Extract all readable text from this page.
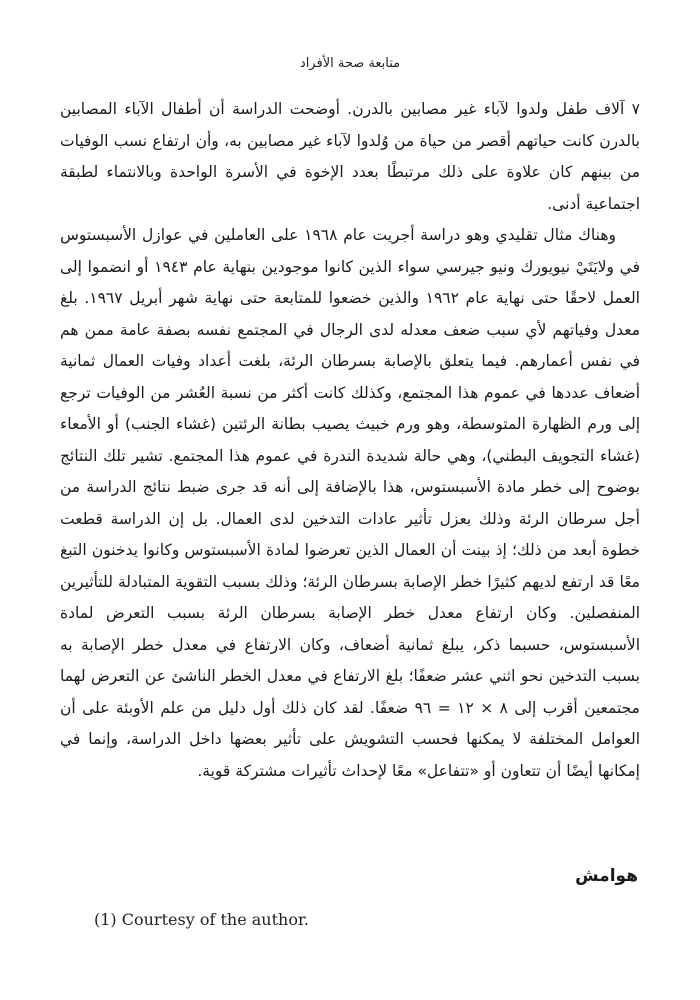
متابعة صحة الأفراد

٧ آلاف طفل ولدوا لآباء غير مصابين بالدرن. أوضحت الدراسة أن أطفال الآباء المصابين بالدرن كانت حياتهم أقصر من حياة من وُلدوا لآباء غير مصابين به، وأن ارتفاع نسب الوفيات من بينهم كان علاوة على ذلك مرتبطًا بعدد الإخوة في الأسرة الواحدة وبالانتماء لطبقة اجتماعية أدنى.

وهناك مثال تقليدي وهو دراسة أجريت عام ١٩٦٨ على العاملين في عوازل الأسبستوس في ولايَتَيْ نيويورك ونيو جيرسي سواء الذين كانوا موجودين بنهاية عام ١٩٤٣ أو انضموا إلى العمل لاحقًا حتى نهاية عام ١٩٦٢ والذين خضعوا للمتابعة حتى نهاية شهر أبريل ١٩٦٧. بلغ معدل وفياتهم لأي سبب ضعف معدله لدى الرجال في المجتمع نفسه بصفة عامة ممن هم في نفس أعمارهم. فيما يتعلق بالإصابة بسرطان الرئة، بلغت أعداد وفيات العمال ثمانية أضعاف عددها في عموم هذا المجتمع، وكذلك كانت أكثر من نسبة العُشر من الوفيات ترجع إلى ورم الظهارة المتوسطة، وهو ورم خبيث يصيب بطانة الرئتين (غشاء الجنب) أو الأمعاء (غشاء التجويف البطني)، وهي حالة شديدة الندرة في عموم هذا المجتمع. تشير تلك النتائج بوضوح إلى خطر مادة الأسبستوس، هذا بالإضافة إلى أنه قد جرى ضبط نتائج الدراسة من أجل سرطان الرئة وذلك بعزل تأثير عادات التدخين لدى العمال. بل إن الدراسة قطعت خطوة أبعد من ذلك؛ إذ بينت أن العمال الذين تعرضوا لمادة الأسبستوس وكانوا يدخنون التبغ معًا قد ارتفع لديهم كثيرًا خطر الإصابة بسرطان الرئة؛ وذلك بسبب التقوية المتبادلة للتأثيرين المنفصلين. وكان ارتفاع معدل خطر الإصابة بسرطان الرئة بسبب التعرض لمادة الأسبستوس، حسبما ذكر، يبلغ ثمانية أضعاف، وكان الارتفاع في معدل خطر الإصابة به بسبب التدخين نحو اثني عشر ضعفًا؛ بلغ الارتفاع في معدل الخطر الناشئ عن التعرض لهما مجتمعين أقرب إلى ٨ × ١٢ = ٩٦ ضعفًا. لقد كان ذلك أول دليل من علم الأوبئة على أن العوامل المختلفة لا يمكنها فحسب التشويش على تأثير بعضها داخل الدراسة، وإنما في إمكانها أيضًا أن تتعاون أو «تتفاعل» معًا لإحداث تأثيرات مشتركة قوية.

هوامش
(1) Courtesy of the author.
